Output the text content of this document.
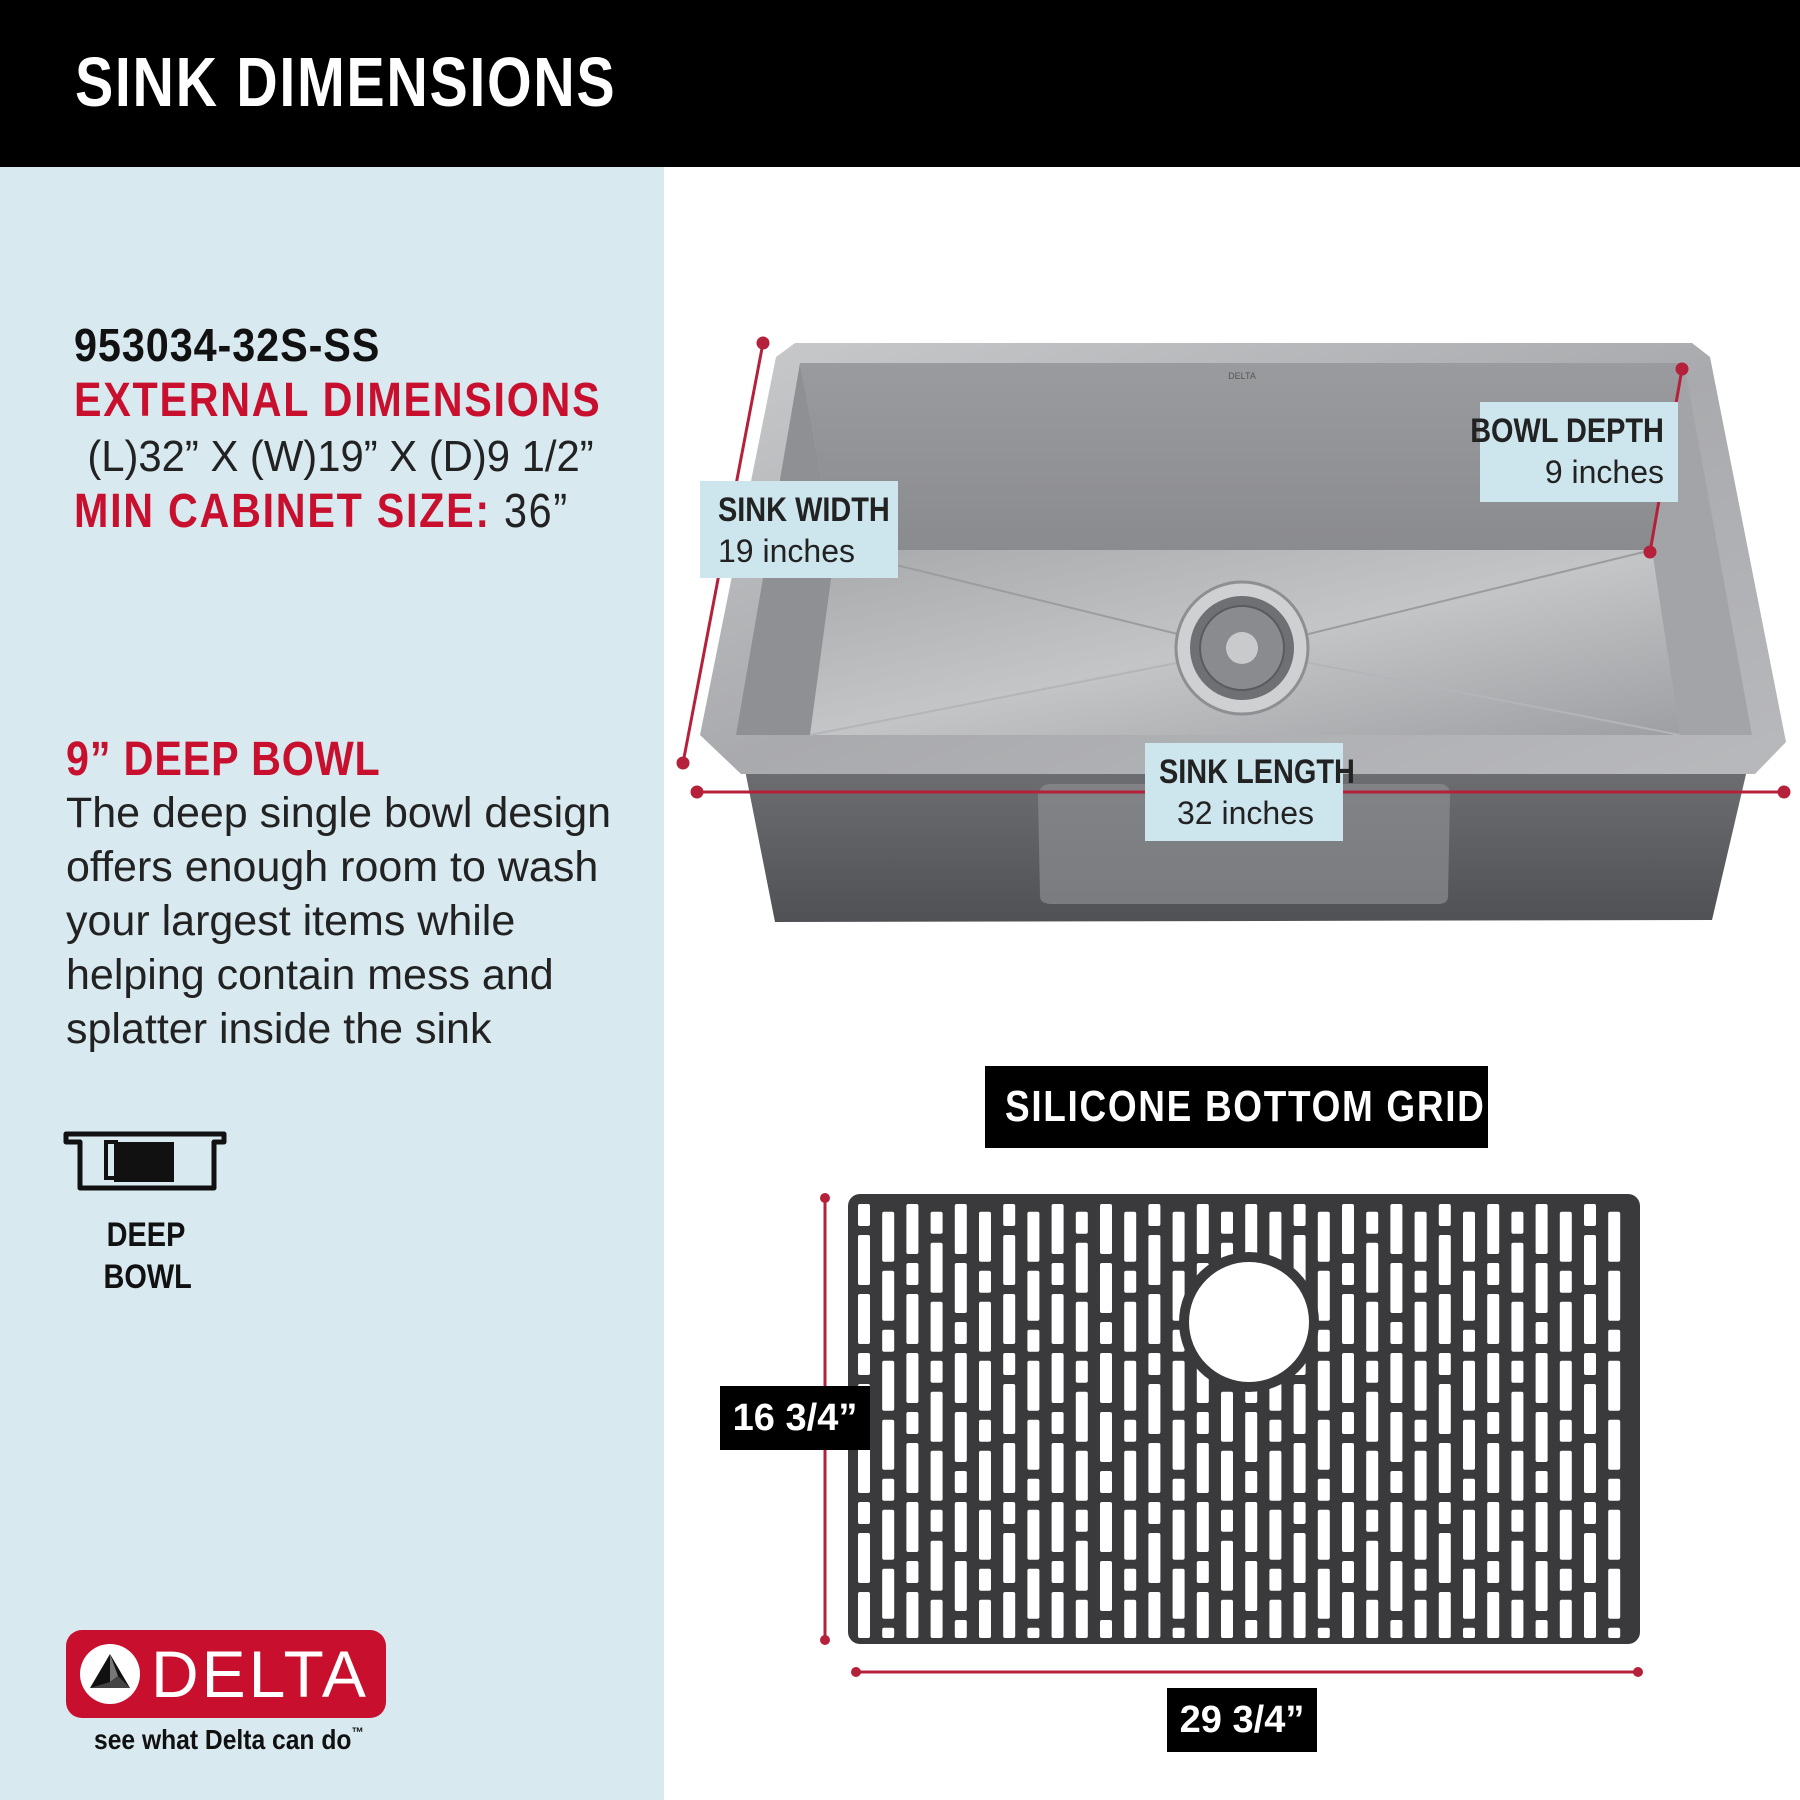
SINK DIMENSIONS
953034-32S-SS
EXTERNAL DIMENSIONS
(L)32” X (W)19” X (D)9 1/2”
MIN CABINET SIZE: 36”
9” DEEP BOWL
The deep single bowl design offers enough room to wash your largest items while helping contain mess and splatter inside the sink
DEEP BOWL
DELTA
see what Delta can do™
DELTA
SINK WIDTH
19 inches
BOWL DEPTH
9 inches
SINK LENGTH
32 inches
SILICONE BOTTOM GRID
16 3/4”
29 3/4”
